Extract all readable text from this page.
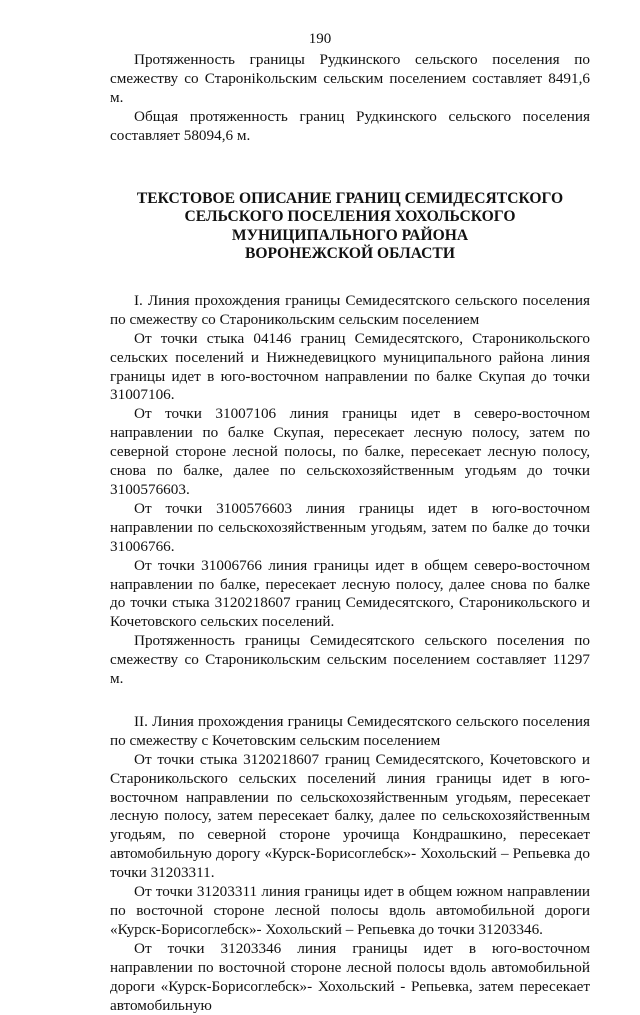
190

Протяженность границы Рудкинского сельского поселения по смежеству со Старонikольским сельским поселением составляет 8491,6 м.

Общая протяженность границ Рудкинского сельского поселения составляет 58094,6 м.

ТЕКСТОВОЕ ОПИСАНИЕ ГРАНИЦ СЕМИДЕСЯТСКОГО
СЕЛЬСКОГО ПОСЕЛЕНИЯ ХОХОЛЬСКОГО
МУНИЦИПАЛЬНОГО РАЙОНА
ВОРОНЕЖСКОЙ ОБЛАСТИ

I. Линия прохождения границы Семидесятского сельского поселения по смежеству со Староникольским сельским поселением

От точки стыка 04146 границ Семидесятского, Староникольского сельских поселений и Нижнедевицкого муниципального района линия границы идет в юго-восточном направлении по балке Скупая до точки 31007106.

От точки 31007106 линия границы идет в северо-восточном направлении по балке Скупая, пересекает лесную полосу, затем по северной стороне лесной полосы, по балке, пересекает лесную полосу, снова по балке, далее по сельскохозяйственным угодьям до точки 3100576603.

От точки 3100576603 линия границы идет в юго-восточном направлении по сельскохозяйственным угодьям, затем по балке до точки 31006766.

От точки 31006766 линия границы идет в общем северо-восточном направлении по балке, пересекает лесную полосу, далее снова по балке до точки стыка 3120218607 границ Семидесятского, Староникольского и Кочетовского сельских поселений.

Протяженность границы Семидесятского сельского поселения по смежеству со Староникольским сельским поселением составляет 11297 м.

II. Линия прохождения границы Семидесятского сельского поселения по смежеству с Кочетовским сельским поселением

От точки стыка 3120218607 границ Семидесятского, Кочетовского и Староникольского сельских поселений линия границы идет в юго-восточном направлении по сельскохозяйственным угодьям, пересекает лесную полосу, затем пересекает балку, далее по сельскохозяйственным угодьям, по северной стороне урочища Кондрашкино, пересекает автомобильную дорогу «Курск-Борисоглебск»- Хохольский – Репьевка до точки 31203311.

От точки 31203311 линия границы идет в общем южном направлении по восточной стороне лесной полосы вдоль автомобильной дороги «Курск-Борисоглебск»- Хохольский – Репьевка до точки 31203346.

От точки 31203346 линия границы идет в юго-восточном направлении по восточной стороне лесной полосы вдоль автомобильной дороги «Курск-Борисоглебск»- Хохольский - Репьевка, затем пересекает автомобильную
